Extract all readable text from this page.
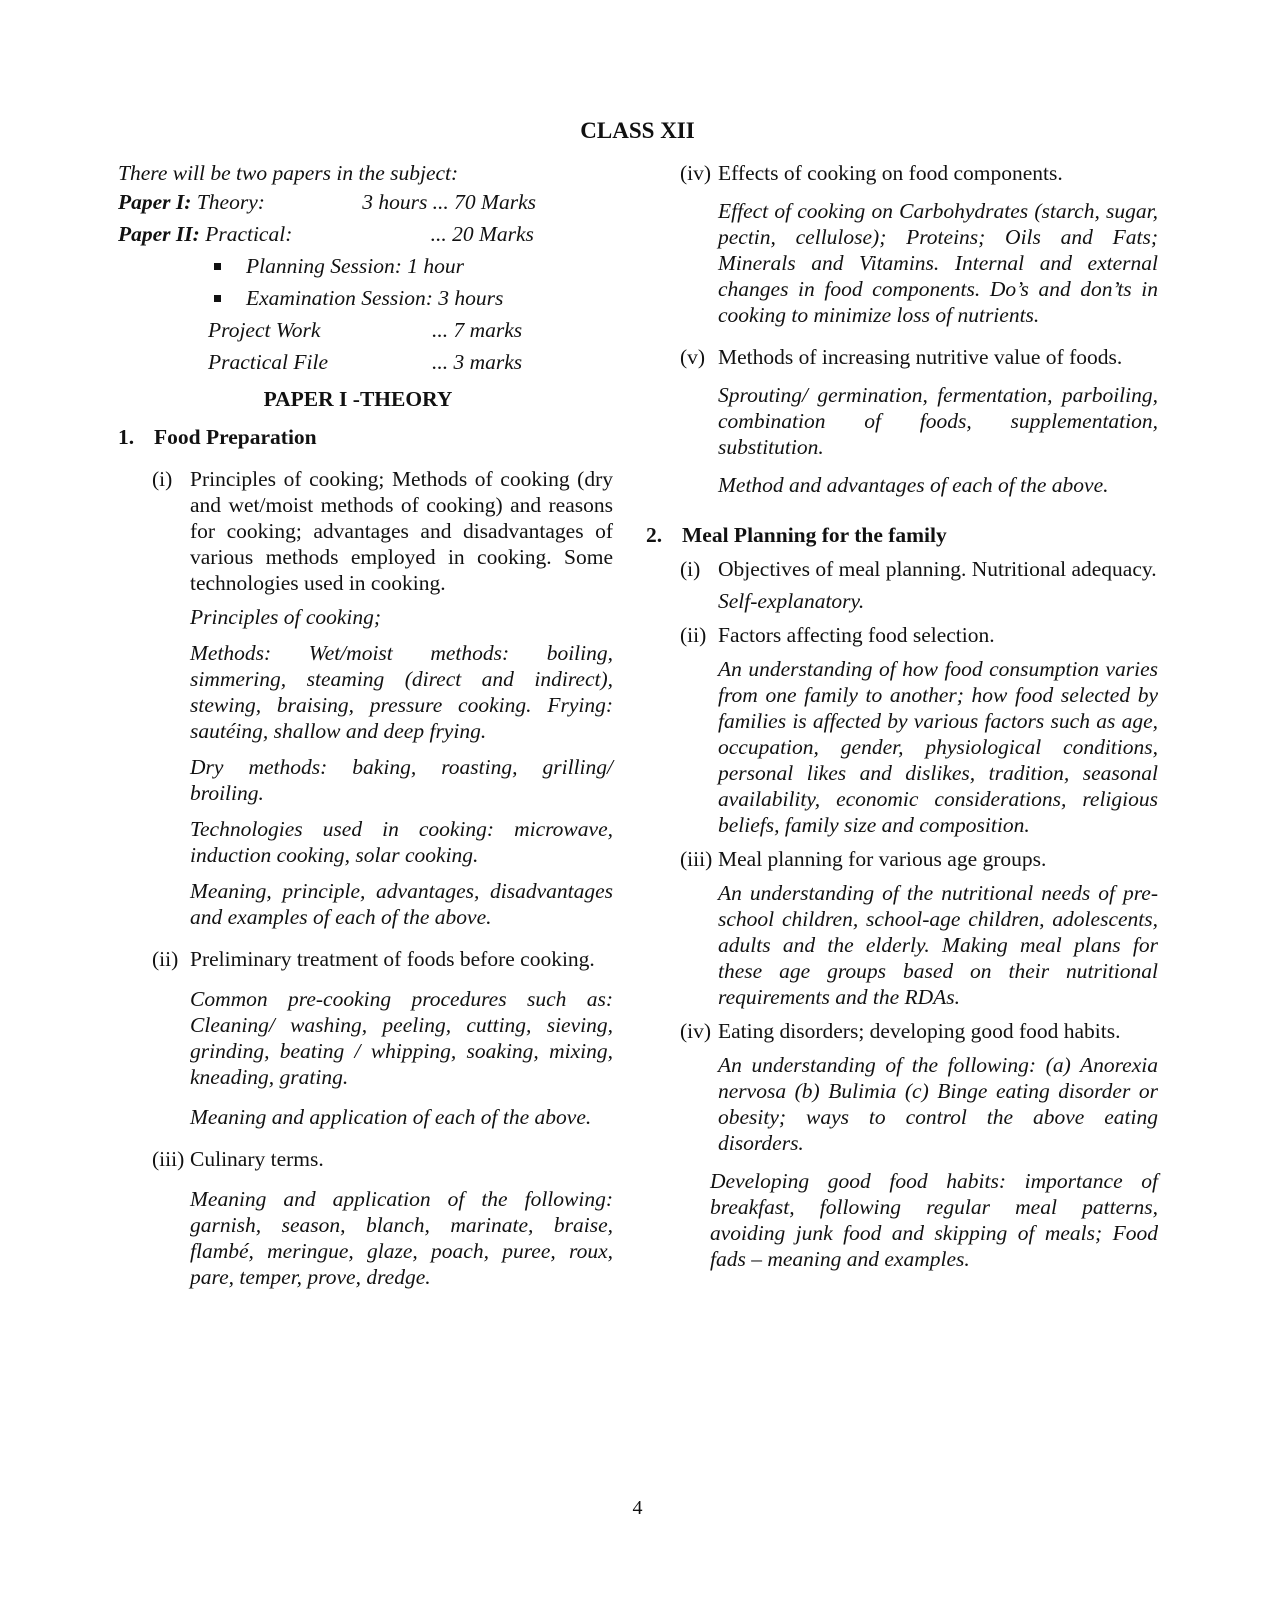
CLASS XII

There will be two papers in the subject:

Paper I: Theory:	3 hours ... 70 Marks
Paper II: Practical:	... 20 Marks
Planning Session: 1 hour
Examination Session: 3 hours
Project Work	... 7 marks
Practical File	... 3 marks

PAPER I -THEORY

1. Food Preparation
(i) Principles of cooking; Methods of cooking (dry and wet/moist methods of cooking) and reasons for cooking; advantages and disadvantages of various methods employed in cooking. Some technologies used in cooking.

Principles of cooking;

Methods: Wet/moist methods: boiling, simmering, steaming (direct and indirect), stewing, braising, pressure cooking. Frying: sautéing, shallow and deep frying.

Dry methods: baking, roasting, grilling/ broiling.

Technologies used in cooking: microwave, induction cooking, solar cooking.

Meaning, principle, advantages, disadvantages and examples of each of the above.

(ii) Preliminary treatment of foods before cooking.

Common pre-cooking procedures such as: Cleaning/ washing, peeling, cutting, sieving, grinding, beating / whipping, soaking, mixing, kneading, grating.

Meaning and application of each of the above.

(iii) Culinary terms.

Meaning and application of the following: garnish, season, blanch, marinate, braise, flambé, meringue, glaze, poach, puree, roux, pare, temper, prove, dredge.

(iv) Effects of cooking on food components.

Effect of cooking on Carbohydrates (starch, sugar, pectin, cellulose); Proteins; Oils and Fats; Minerals and Vitamins. Internal and external changes in food components. Do’s and don’ts in cooking to minimize loss of nutrients.

(v) Methods of increasing nutritive value of foods.

Sprouting/ germination, fermentation, parboiling, combination of foods, supplementation, substitution.

Method and advantages of each of the above.

2. Meal Planning for the family
(i) Objectives of meal planning. Nutritional adequacy.

Self-explanatory.

(ii) Factors affecting food selection.

An understanding of how food consumption varies from one family to another; how food selected by families is affected by various factors such as age, occupation, gender, physiological conditions, personal likes and dislikes, tradition, seasonal availability, economic considerations, religious beliefs, family size and composition.

(iii) Meal planning for various age groups.

An understanding of the nutritional needs of pre-school children, school-age children, adolescents, adults and the elderly. Making meal plans for these age groups based on their nutritional requirements and the RDAs.

(iv) Eating disorders; developing good food habits.

An understanding of the following: (a) Anorexia nervosa (b) Bulimia (c) Binge eating disorder or obesity; ways to control the above eating disorders.

Developing good food habits: importance of breakfast, following regular meal patterns, avoiding junk food and skipping of meals; Food fads – meaning and examples.

4
